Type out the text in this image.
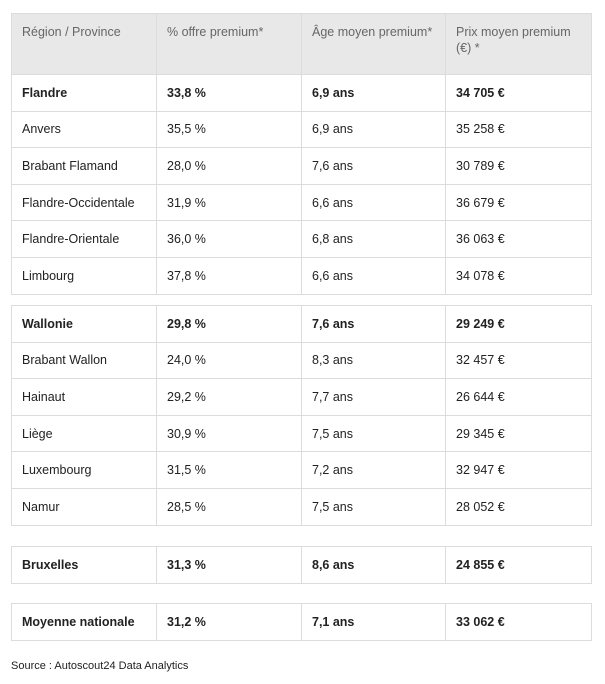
Région / Province	% offre premium*	Âge moyen premium*	Prix moyen premium (€) *
Flandre	33,8 %	6,9 ans	34 705 €
Anvers	35,5 %	6,9 ans	35 258 €
Brabant Flamand	28,0 %	7,6 ans	30 789 €
Flandre-Occidentale	31,9 %	6,6 ans	36 679 €
Flandre-Orientale	36,0 %	6,8 ans	36 063 €
Limbourg	37,8 %	6,6 ans	34 078 €
Wallonie	29,8 %	7,6 ans	29 249 €
Brabant Wallon	24,0 %	8,3 ans	32 457 €
Hainaut	29,2 %	7,7 ans	26 644 €
Liège	30,9 %	7,5 ans	29 345 €
Luxembourg	31,5 %	7,2 ans	32 947 €
Namur	28,5 %	7,5 ans	28 052 €
Bruxelles	31,3 %	8,6 ans	24 855 €
Moyenne nationale	31,2 %	7,1 ans	33 062 €
Source : Autoscout24 Data Analytics
